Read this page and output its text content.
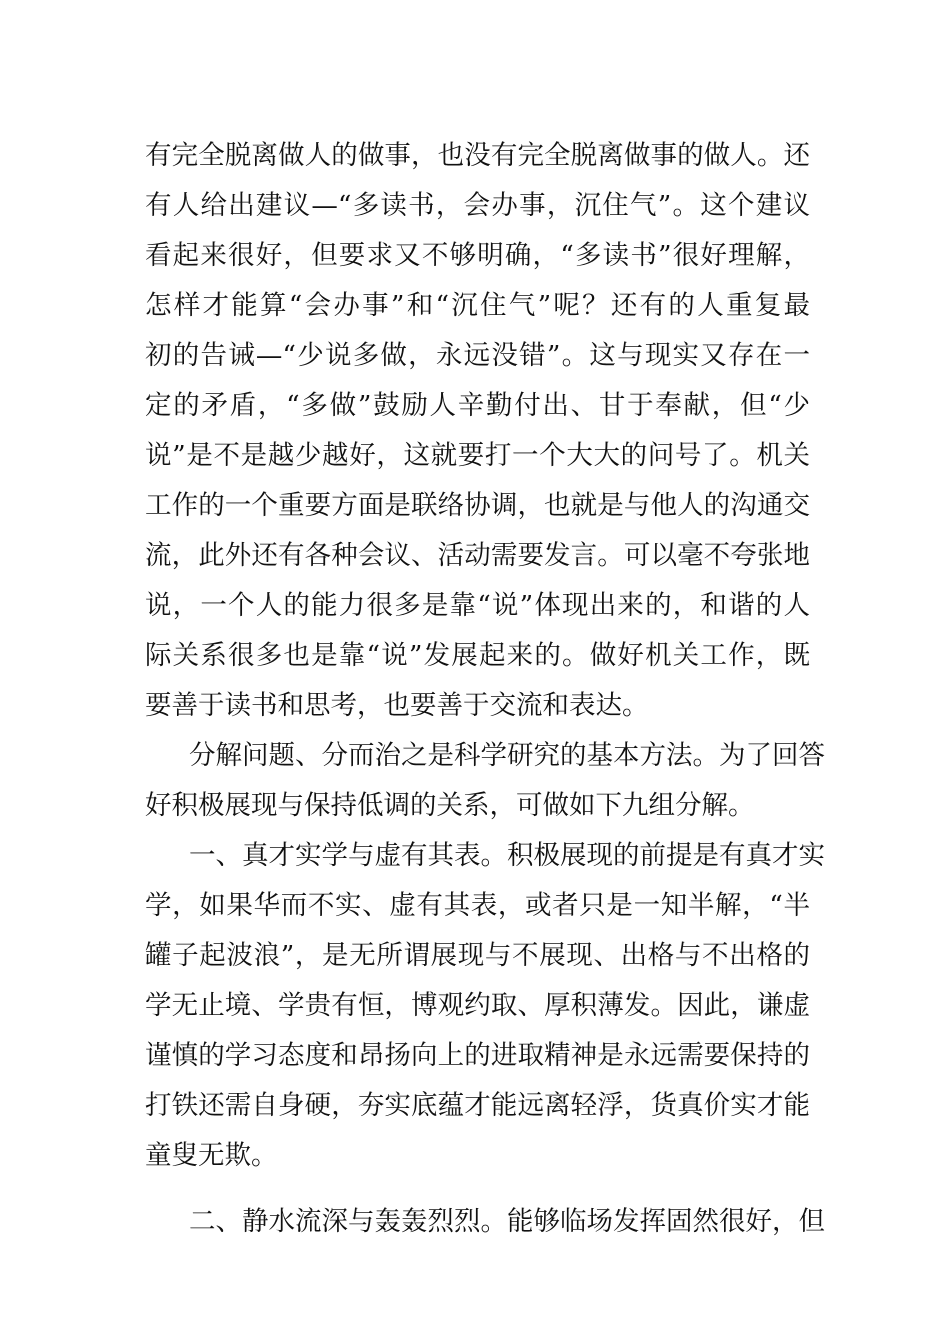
有完全脱离做人的做事，也没有完全脱离做事的做人。还
有人给出建议—“多读书，会办事，沉住气”。这个建议
看起来很好，但要求又不够明确，“多读书”很好理解，
怎样才能算“会办事”和“沉住气”呢？还有的人重复最
初的告诫—“少说多做，永远没错”。这与现实又存在一
定的矛盾，“多做”鼓励人辛勤付出、甘于奉献，但“少
说”是不是越少越好，这就要打一个大大的问号了。机关
工作的一个重要方面是联络协调，也就是与他人的沟通交
流，此外还有各种会议、活动需要发言。可以毫不夸张地
说，一个人的能力很多是靠“说”体现出来的，和谐的人
际关系很多也是靠“说”发展起来的。做好机关工作，既
要善于读书和思考，也要善于交流和表达。
分解问题、分而治之是科学研究的基本方法。为了回答
好积极展现与保持低调的关系，可做如下九组分解。
一、真才实学与虚有其表。积极展现的前提是有真才实
学，如果华而不实、虚有其表，或者只是一知半解，“半
罐子起波浪”，是无所谓展现与不展现、出格与不出格的
学无止境、学贵有恒，博观约取、厚积薄发。因此，谦虚
谨慎的学习态度和昂扬向上的进取精神是永远需要保持的
打铁还需自身硬，夯实底蕴才能远离轻浮，货真价实才能
童叟无欺。
二、静水流深与轰轰烈烈。能够临场发挥固然很好，但
